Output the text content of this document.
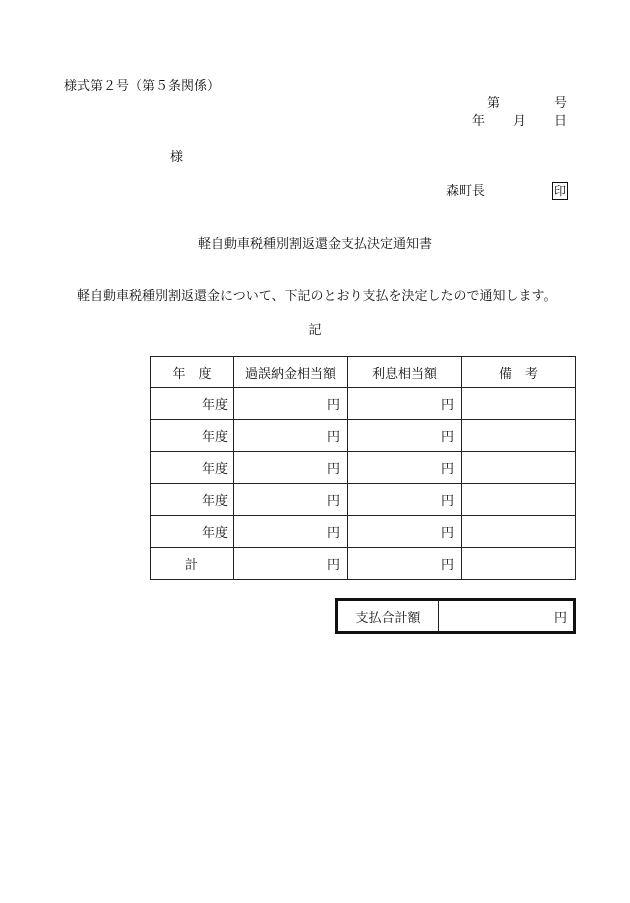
様式第２号（第５条関係）
第	号
年 月 日
様
森町長	印
軽自動車税種別割返還金支払決定通知書
軽自動車税種別割返還金について、下記のとおり支払を決定したので通知します。
記
年　度	過誤納金相当額	利息相当額	備　考
年度	円	円	
年度	円	円	
年度	円	円	
年度	円	円	
年度	円	円	
計	円	円	
支払合計額	円
